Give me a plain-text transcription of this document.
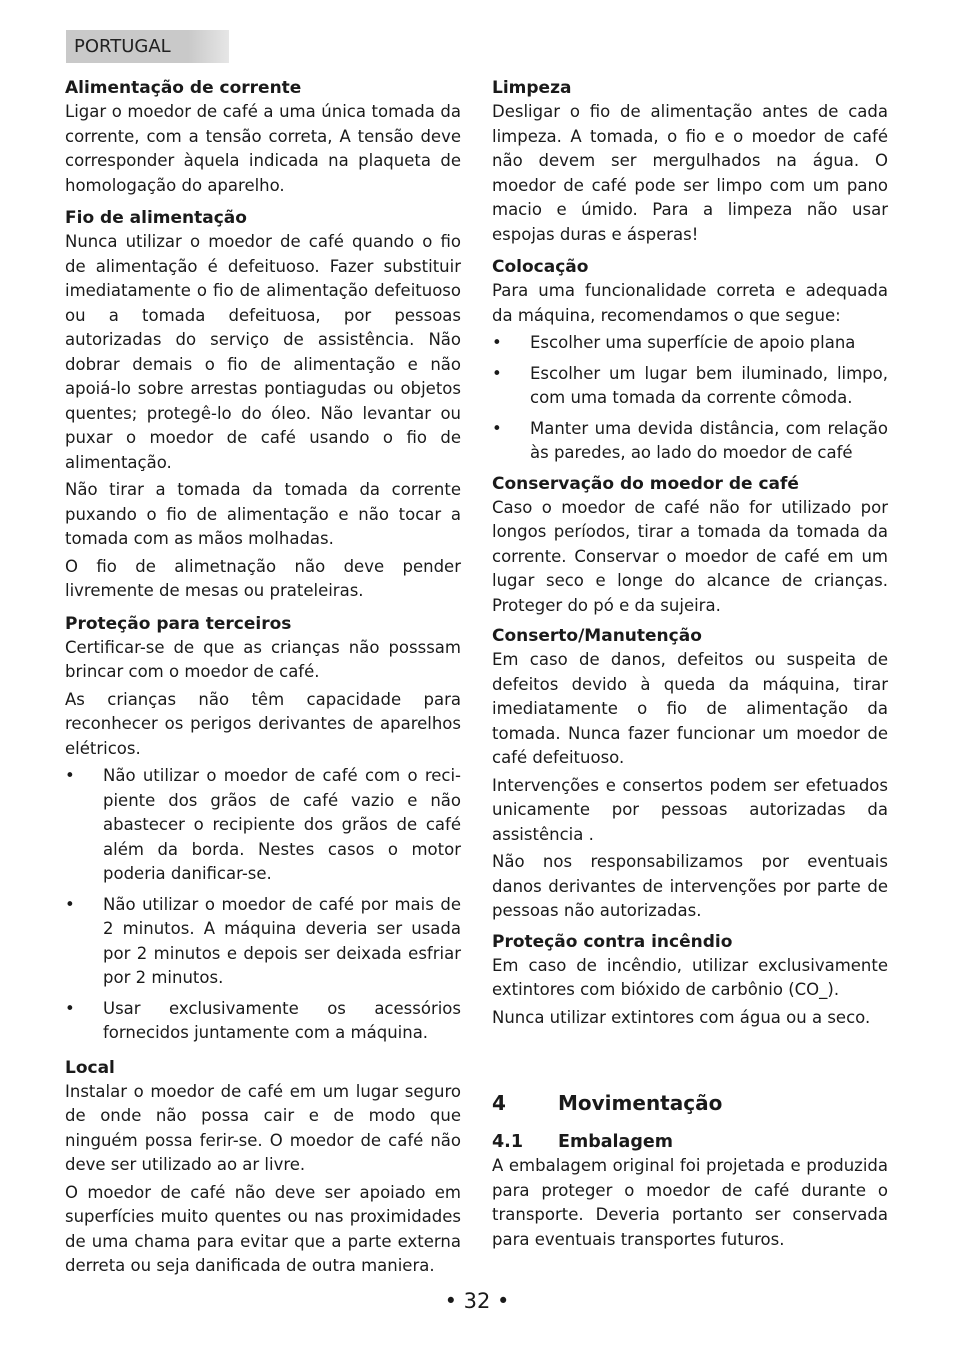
PORTUGAL
Alimentação de corrente
Ligar o moedor de café a uma única tomada da corrente, com a tensão correta, A tensão deve corresponder àquela indicada na plaqueta de homologação do aparelho.
Fio de alimentação
Nunca utilizar o moedor de café quando o fio de alimentação é defeituoso. Fazer substituir imediatamente o fio de alimentação defeituoso ou a tomada defeituosa, por pessoas autorizadas do serviço de assistência. Não dobrar demais o fio de alimentação e não apoiá-lo sobre arrestas pontiagudas ou objetos quentes; protegê-lo do óleo. Não levantar ou puxar o moedor de café usando o fio de alimentação.
Não tirar a tomada da tomada da corrente puxando o fio de alimentação e não tocar a tomada com as mãos molhadas.
O fio de alimetnação não deve pender livremente de mesas ou prateleiras.
Proteção para terceiros
Certificar-se de que as crianças não posssam brincar com o moedor de café.
As crianças não têm capacidade para reconhecer os perigos derivantes de aparelhos elétricos.
• Não utilizar o moedor de café com o reci- piente dos grãos de café vazio e não abastecer o recipiente dos grãos de café além da borda. Nestes casos o motor poderia danificar-se.
• Não utilizar o moedor de café por mais de 2 minutos. A máquina deveria ser usada por 2 minutos e depois ser deixada esfriar por 2 minutos.
• Usar exclusivamente os acessórios fornecidos juntamente com a máquina.
Local
Instalar o moedor de café em um lugar seguro de onde não possa cair e de modo que ninguém possa ferir-se. O moedor de café não deve ser utilizado ao ar livre.
O moedor de café não deve ser apoiado em superfícies muito quentes ou nas proximidades de uma chama para evitar que a parte externa derreta ou seja danificada de outra maniera.
Limpeza
Desligar o fio de alimentação antes de cada limpeza. A tomada, o fio e o moedor de café não devem ser mergulhados na água. O moedor de café pode ser limpo com um pano macio e úmido. Para a limpeza não usar espojas duras e ásperas!
Colocação
Para uma funcionalidade correta e adequada da máquina, recomendamos o que segue:
• Escolher uma superfície de apoio plana
• Escolher um lugar bem iluminado, limpo, com uma tomada da corrente cômoda.
• Manter uma devida distância, com relação às paredes, ao lado do moedor de café
Conservação do moedor de café
Caso o moedor de café não for utilizado por longos períodos, tirar a tomada da tomada da corrente. Conservar o moedor de café em um lugar seco e longe do alcance de crianças. Proteger do pó e da sujeira.
Conserto/Manutenção
Em caso de danos, defeitos ou suspeita de defeitos devido à queda da máquina, tirar imediatamente o fio de alimentação da tomada. Nunca fazer funcionar um moedor de café defeituoso.
Intervenções e consertos podem ser efetuados unicamente por pessoas autorizadas da assistência .
Não nos responsabilizamos por eventuais danos derivantes de intervenções por parte de pessoas não autorizadas.
Proteção contra incêndio
Em caso de incêndio, utilizar exclusivamente extintores com bióxido de carbônio (CO_).
Nunca utilizar extintores com água ou a seco.
4	Movimentação
4.1	Embalagem
A embalagem original foi projetada e produzida para proteger o moedor de café durante o transporte. Deveria portanto ser conservada para eventuais transportes futuros.
• 32 •
